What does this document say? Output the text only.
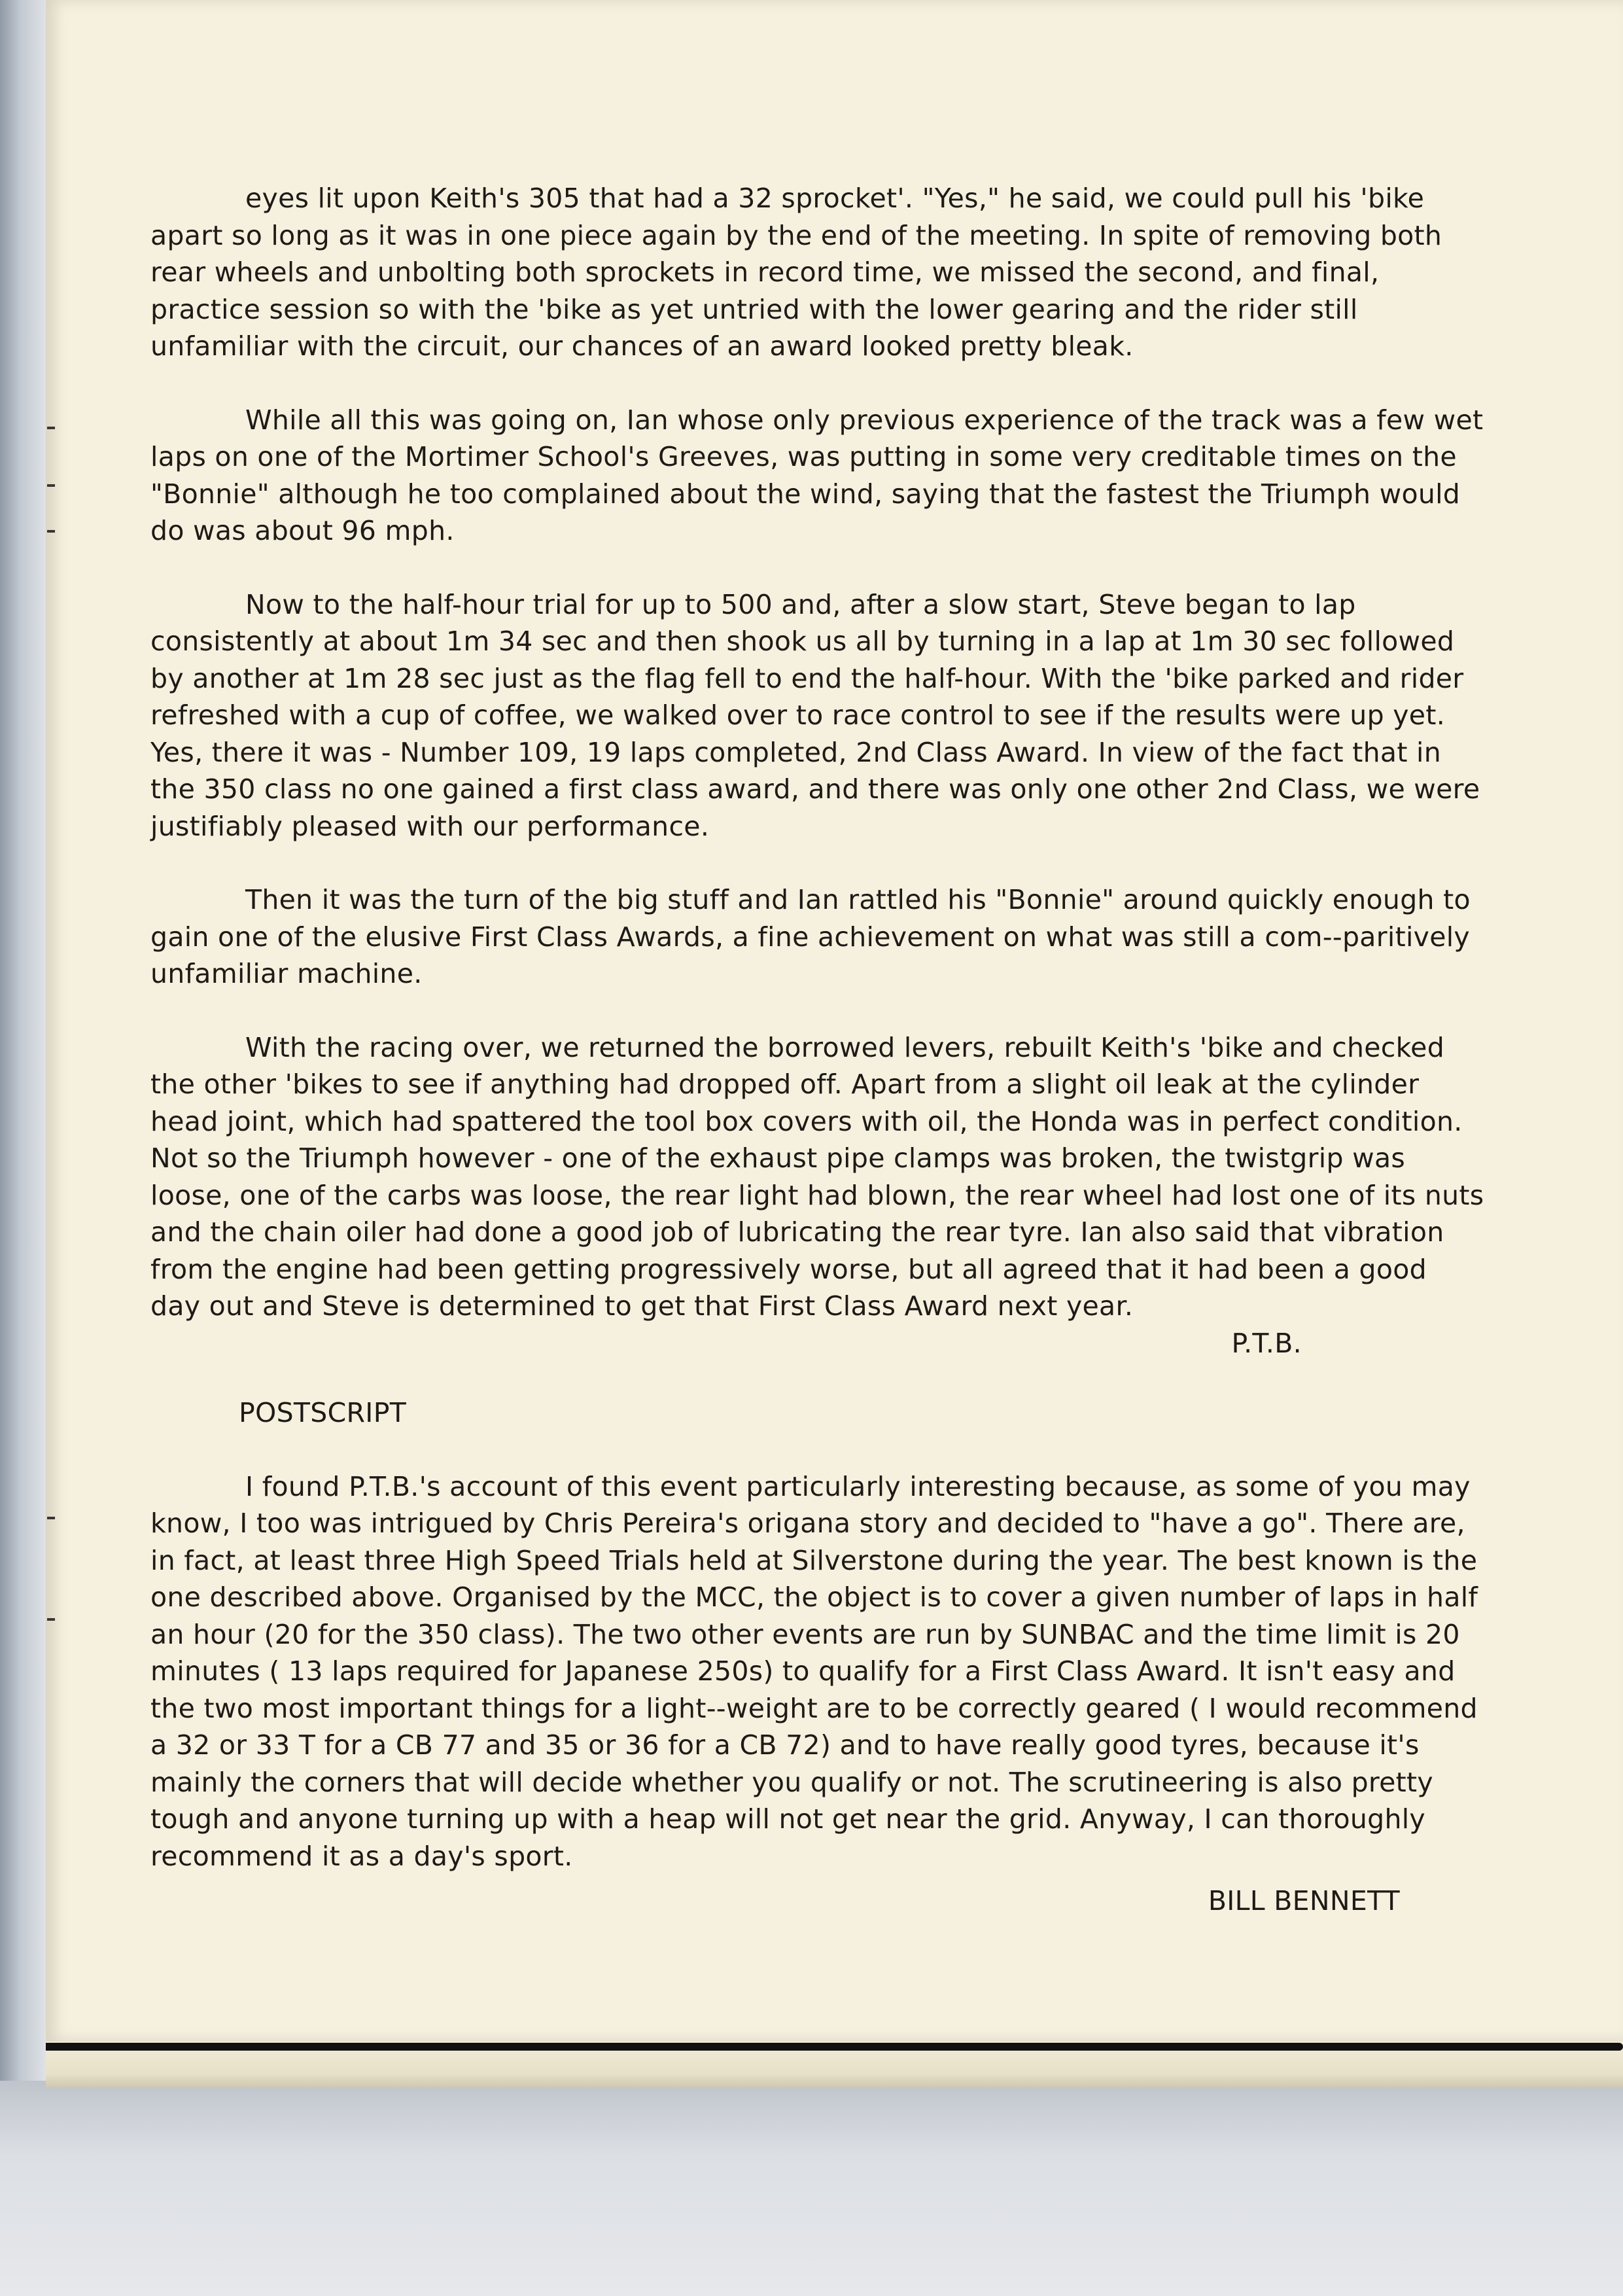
eyes lit upon Keith's 305 that had a 32 sprocket'. "Yes," he said, we could pull his 'bike apart so long as it was in one piece again by the end of the meeting. In spite of removing both rear wheels and unbolting both sprockets in record time, we missed the second, and final, practice session so with the 'bike as yet untried with the lower gearing and the rider still unfamiliar with the circuit, our chances of an award looked pretty bleak.

While all this was going on, Ian whose only previous experience of the track was a few wet laps on one of the Mortimer School's Greeves, was putting in some very creditable times on the "Bonnie" although he too complained about the wind, saying that the fastest the Triumph would do was about 96 mph.

Now to the half-hour trial for up to 500 and, after a slow start, Steve began to lap consistently at about 1m 34 sec and then shook us all by turning in a lap at 1m 30 sec followed by another at 1m 28 sec just as the flag fell to end the half-hour. With the 'bike parked and rider refreshed with a cup of coffee, we walked over to race control to see if the results were up yet. Yes, there it was - Number 109, 19 laps completed, 2nd Class Award. In view of the fact that in the 350 class no one gained a first class award, and there was only one other 2nd Class, we were justifiably pleased with our performance.

Then it was the turn of the big stuff and Ian rattled his "Bonnie" around quickly enough to gain one of the elusive First Class Awards, a fine achievement on what was still a com--paritively unfamiliar machine.

With the racing over, we returned the borrowed levers, rebuilt Keith's 'bike and checked the other 'bikes to see if anything had dropped off. Apart from a slight oil leak at the cylinder head joint, which had spattered the tool box covers with oil, the Honda was in perfect condition. Not so the Triumph however - one of the exhaust pipe clamps was broken, the twistgrip was loose, one of the carbs was loose, the rear light had blown, the rear wheel had lost one of its nuts and the chain oiler had done a good job of lubricating the rear tyre. Ian also said that vibration from the engine had been getting progressively worse, but all agreed that it had been a good day out and Steve is determined to get that First Class Award next year.

P.T.B.

POSTSCRIPT

I found P.T.B.'s account of this event particularly interesting because, as some of you may know, I too was intrigued by Chris Pereira's origana story and decided to "have a go". There are, in fact, at least three High Speed Trials held at Silverstone during the year. The best known is the one described above. Organised by the MCC, the object is to cover a given number of laps in half an hour (20 for the 350 class). The two other events are run by SUNBAC and the time limit is 20 minutes ( 13 laps required for Japanese 250s) to qualify for a First Class Award. It isn't easy and the two most important things for a light--weight are to be correctly geared ( I would recommend a 32 or 33 T for a CB 77 and 35 or 36 for a CB 72) and to have really good tyres, because it's mainly the corners that will decide whether you qualify or not. The scrutineering is also pretty tough and anyone turning up with a heap will not get near the grid. Anyway, I can thoroughly recommend it as a day's sport.

BILL BENNETT
